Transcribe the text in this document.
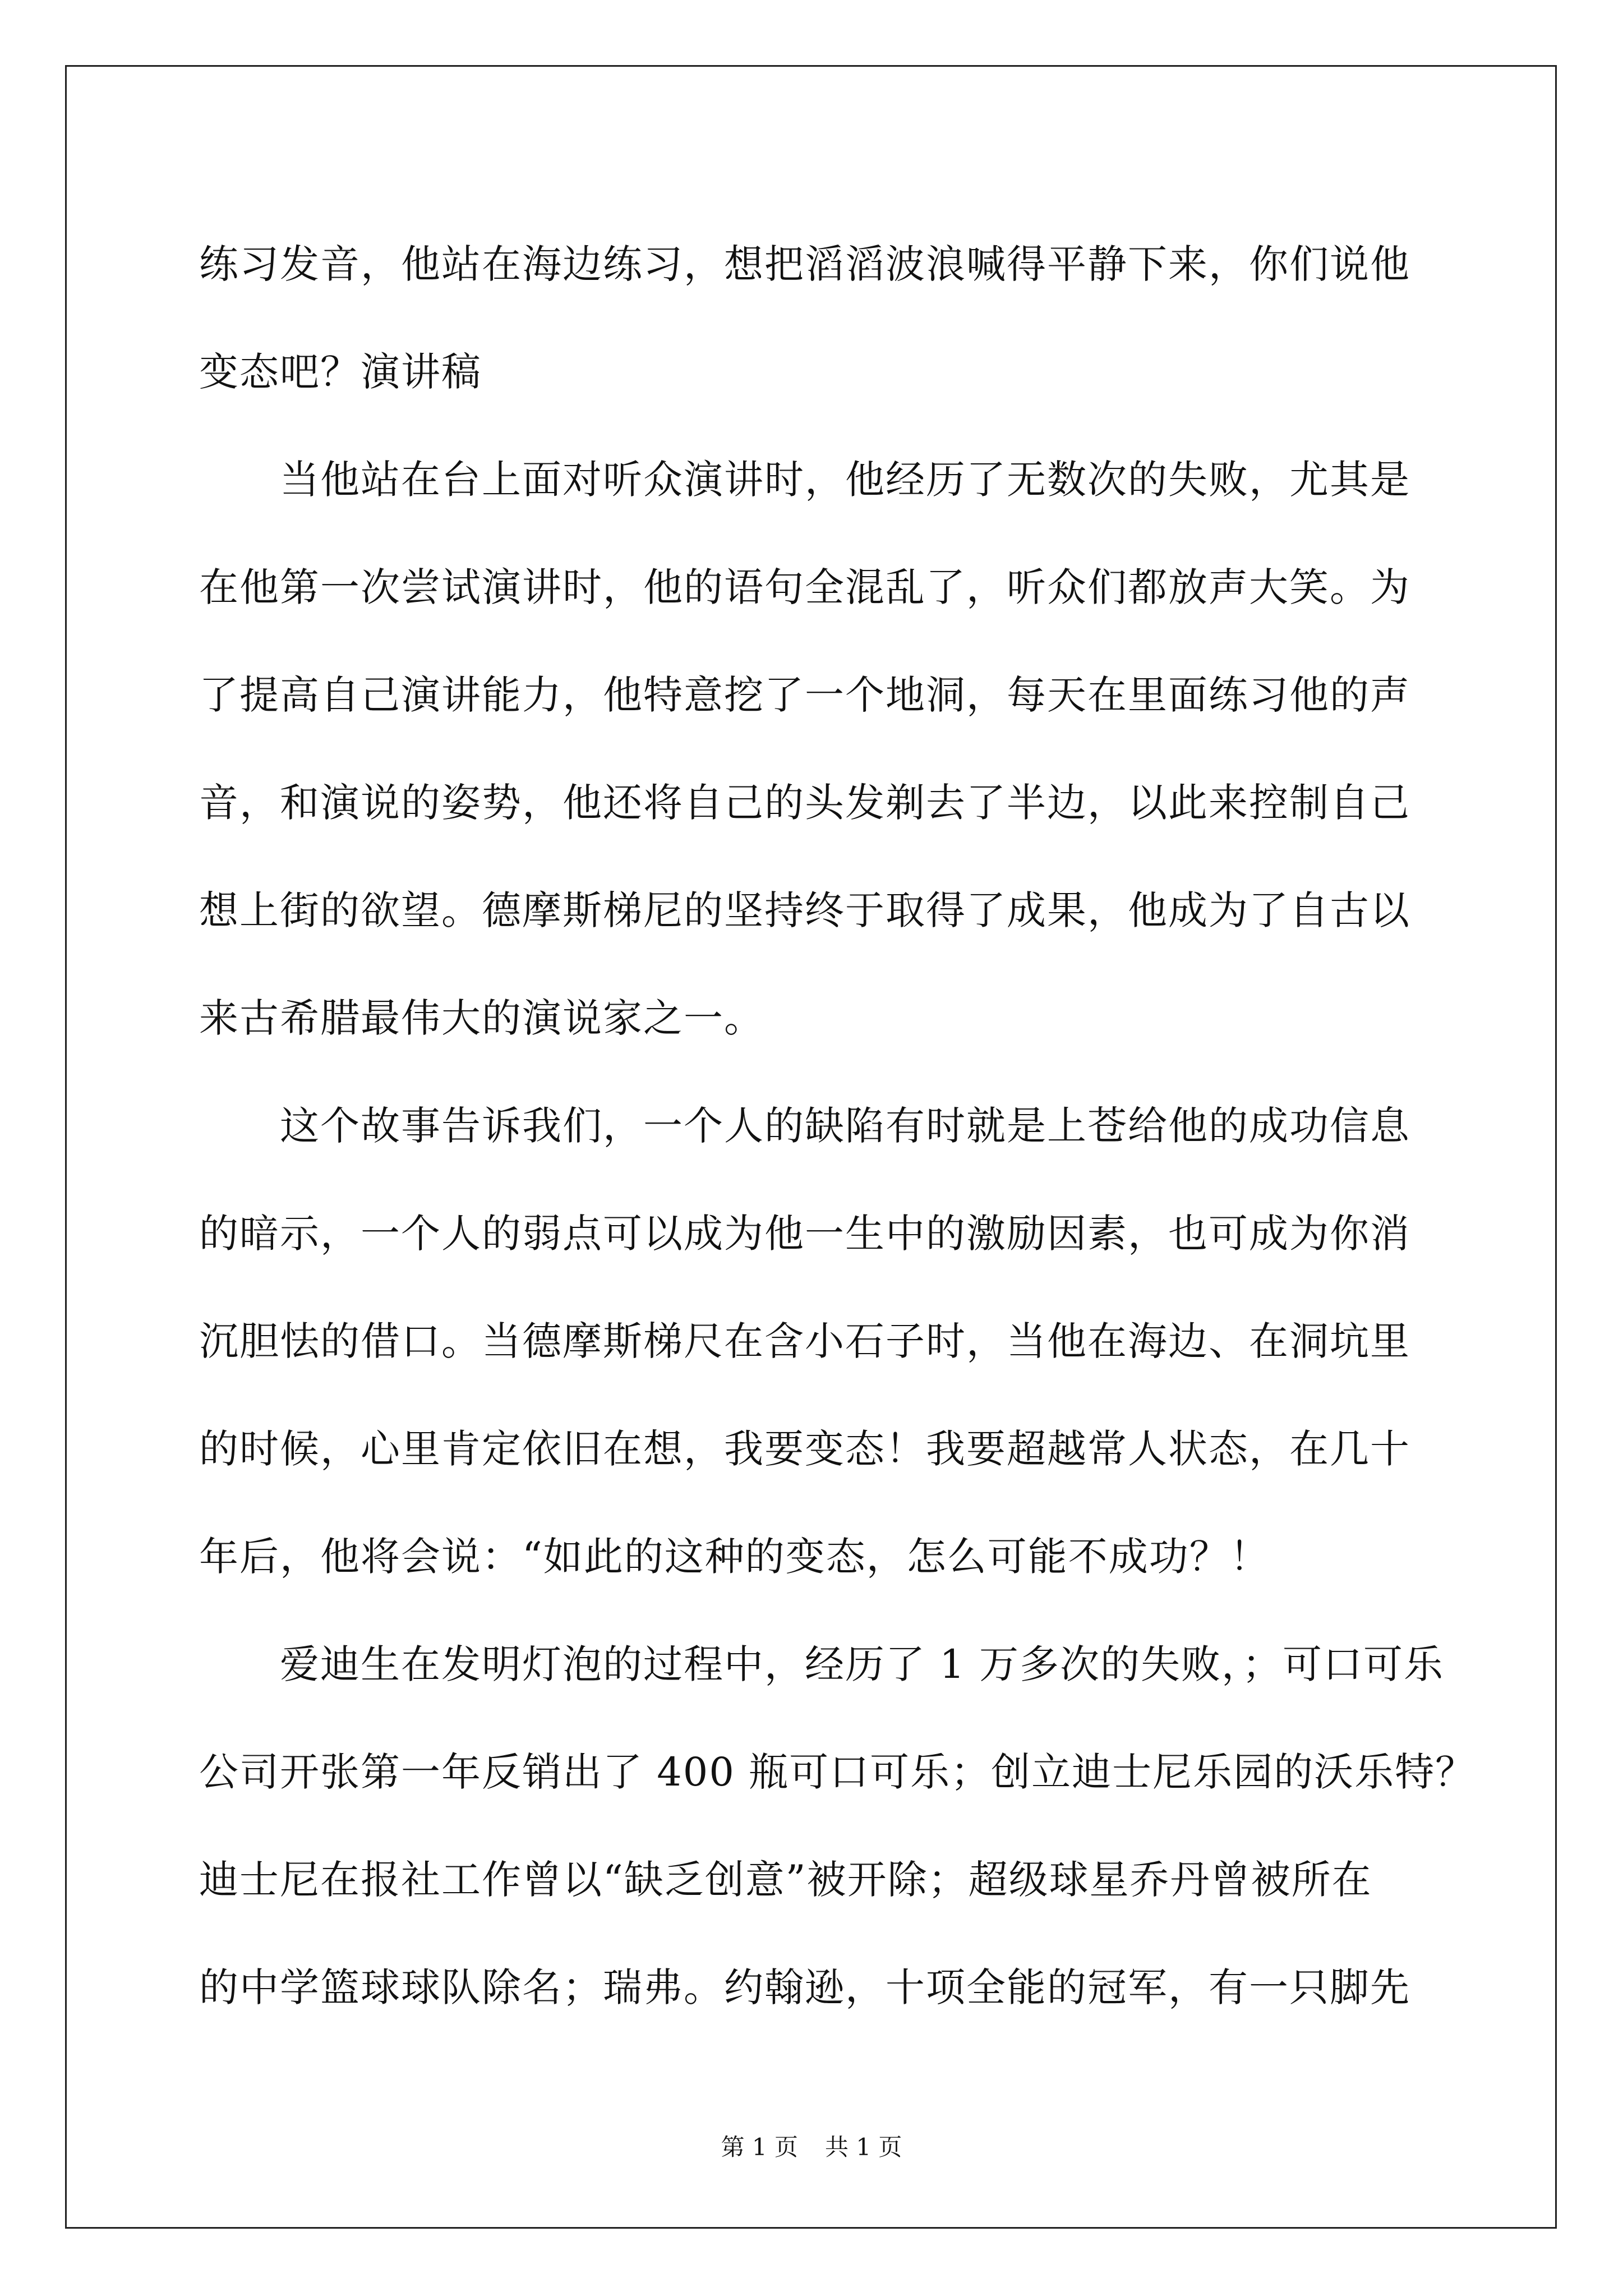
练习发音，他站在海边练习，想把滔滔波浪喊得平静下来，你们说他
变态吧？演讲稿
　　当他站在台上面对听众演讲时，他经历了无数次的失败，尤其是
在他第一次尝试演讲时，他的语句全混乱了，听众们都放声大笑。为
了提高自己演讲能力，他特意挖了一个地洞，每天在里面练习他的声
音，和演说的姿势，他还将自己的头发剃去了半边，以此来控制自己
想上街的欲望。德摩斯梯尼的坚持终于取得了成果，他成为了自古以
来古希腊最伟大的演说家之一。
　　这个故事告诉我们，一个人的缺陷有时就是上苍给他的成功信息
的暗示，一个人的弱点可以成为他一生中的激励因素，也可成为你消
沉胆怯的借口。当德摩斯梯尺在含小石子时，当他在海边、在洞坑里
的时候，心里肯定依旧在想，我要变态！我要超越常人状态，在几十
年后，他将会说：“如此的这种的变态，怎么可能不成功？！
　　爱迪生在发明灯泡的过程中，经历了 1 万多次的失败，；可口可乐
公司开张第一年反销出了 400 瓶可口可乐；创立迪士尼乐园的沃乐特？
迪士尼在报社工作曾以“缺乏创意”被开除；超级球星乔丹曾被所在
的中学篮球球队除名；瑞弗。约翰逊，十项全能的冠军，有一只脚先
第 1 页 共 1 页
